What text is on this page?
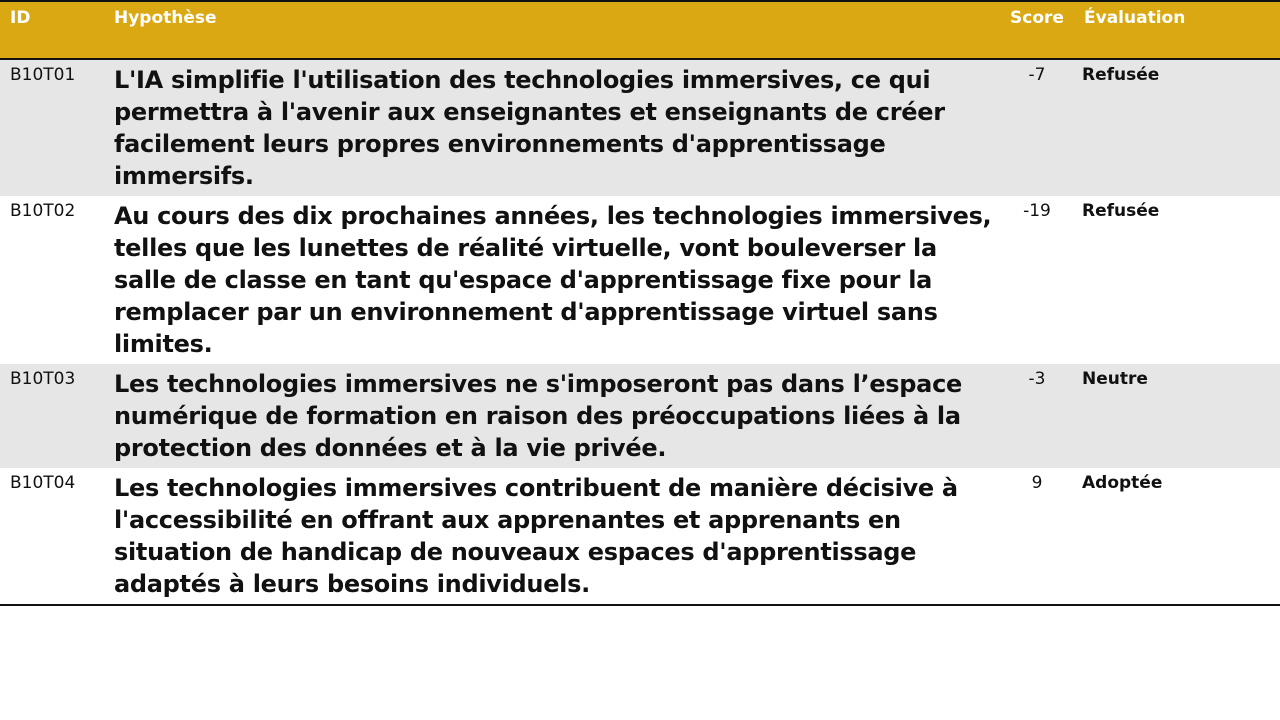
ID	Hypothèse	Score	Évaluation
B10T01	L'IA simplifie l'utilisation des technologies immersives, ce qui permettra à l'avenir aux enseignantes et enseignants de créer facilement leurs propres environnements d'apprentissage immersifs.	-7	Refusée
B10T02	Au cours des dix prochaines années, les technologies immersives, telles que les lunettes de réalité virtuelle, vont bouleverser la salle de classe en tant qu'espace d'apprentissage fixe pour la remplacer par un environnement d'apprentissage virtuel sans limites.	-19	Refusée
B10T03	Les technologies immersives ne s'imposeront pas dans l’espace numérique de formation en raison des préoccupations liées à la protection des données et à la vie privée.	-3	Neutre
B10T04	Les technologies immersives contribuent de manière décisive à l'accessibilité en offrant aux apprenantes et apprenants en situation de handicap de nouveaux espaces d'apprentissage adaptés à leurs besoins individuels.	9	Adoptée
